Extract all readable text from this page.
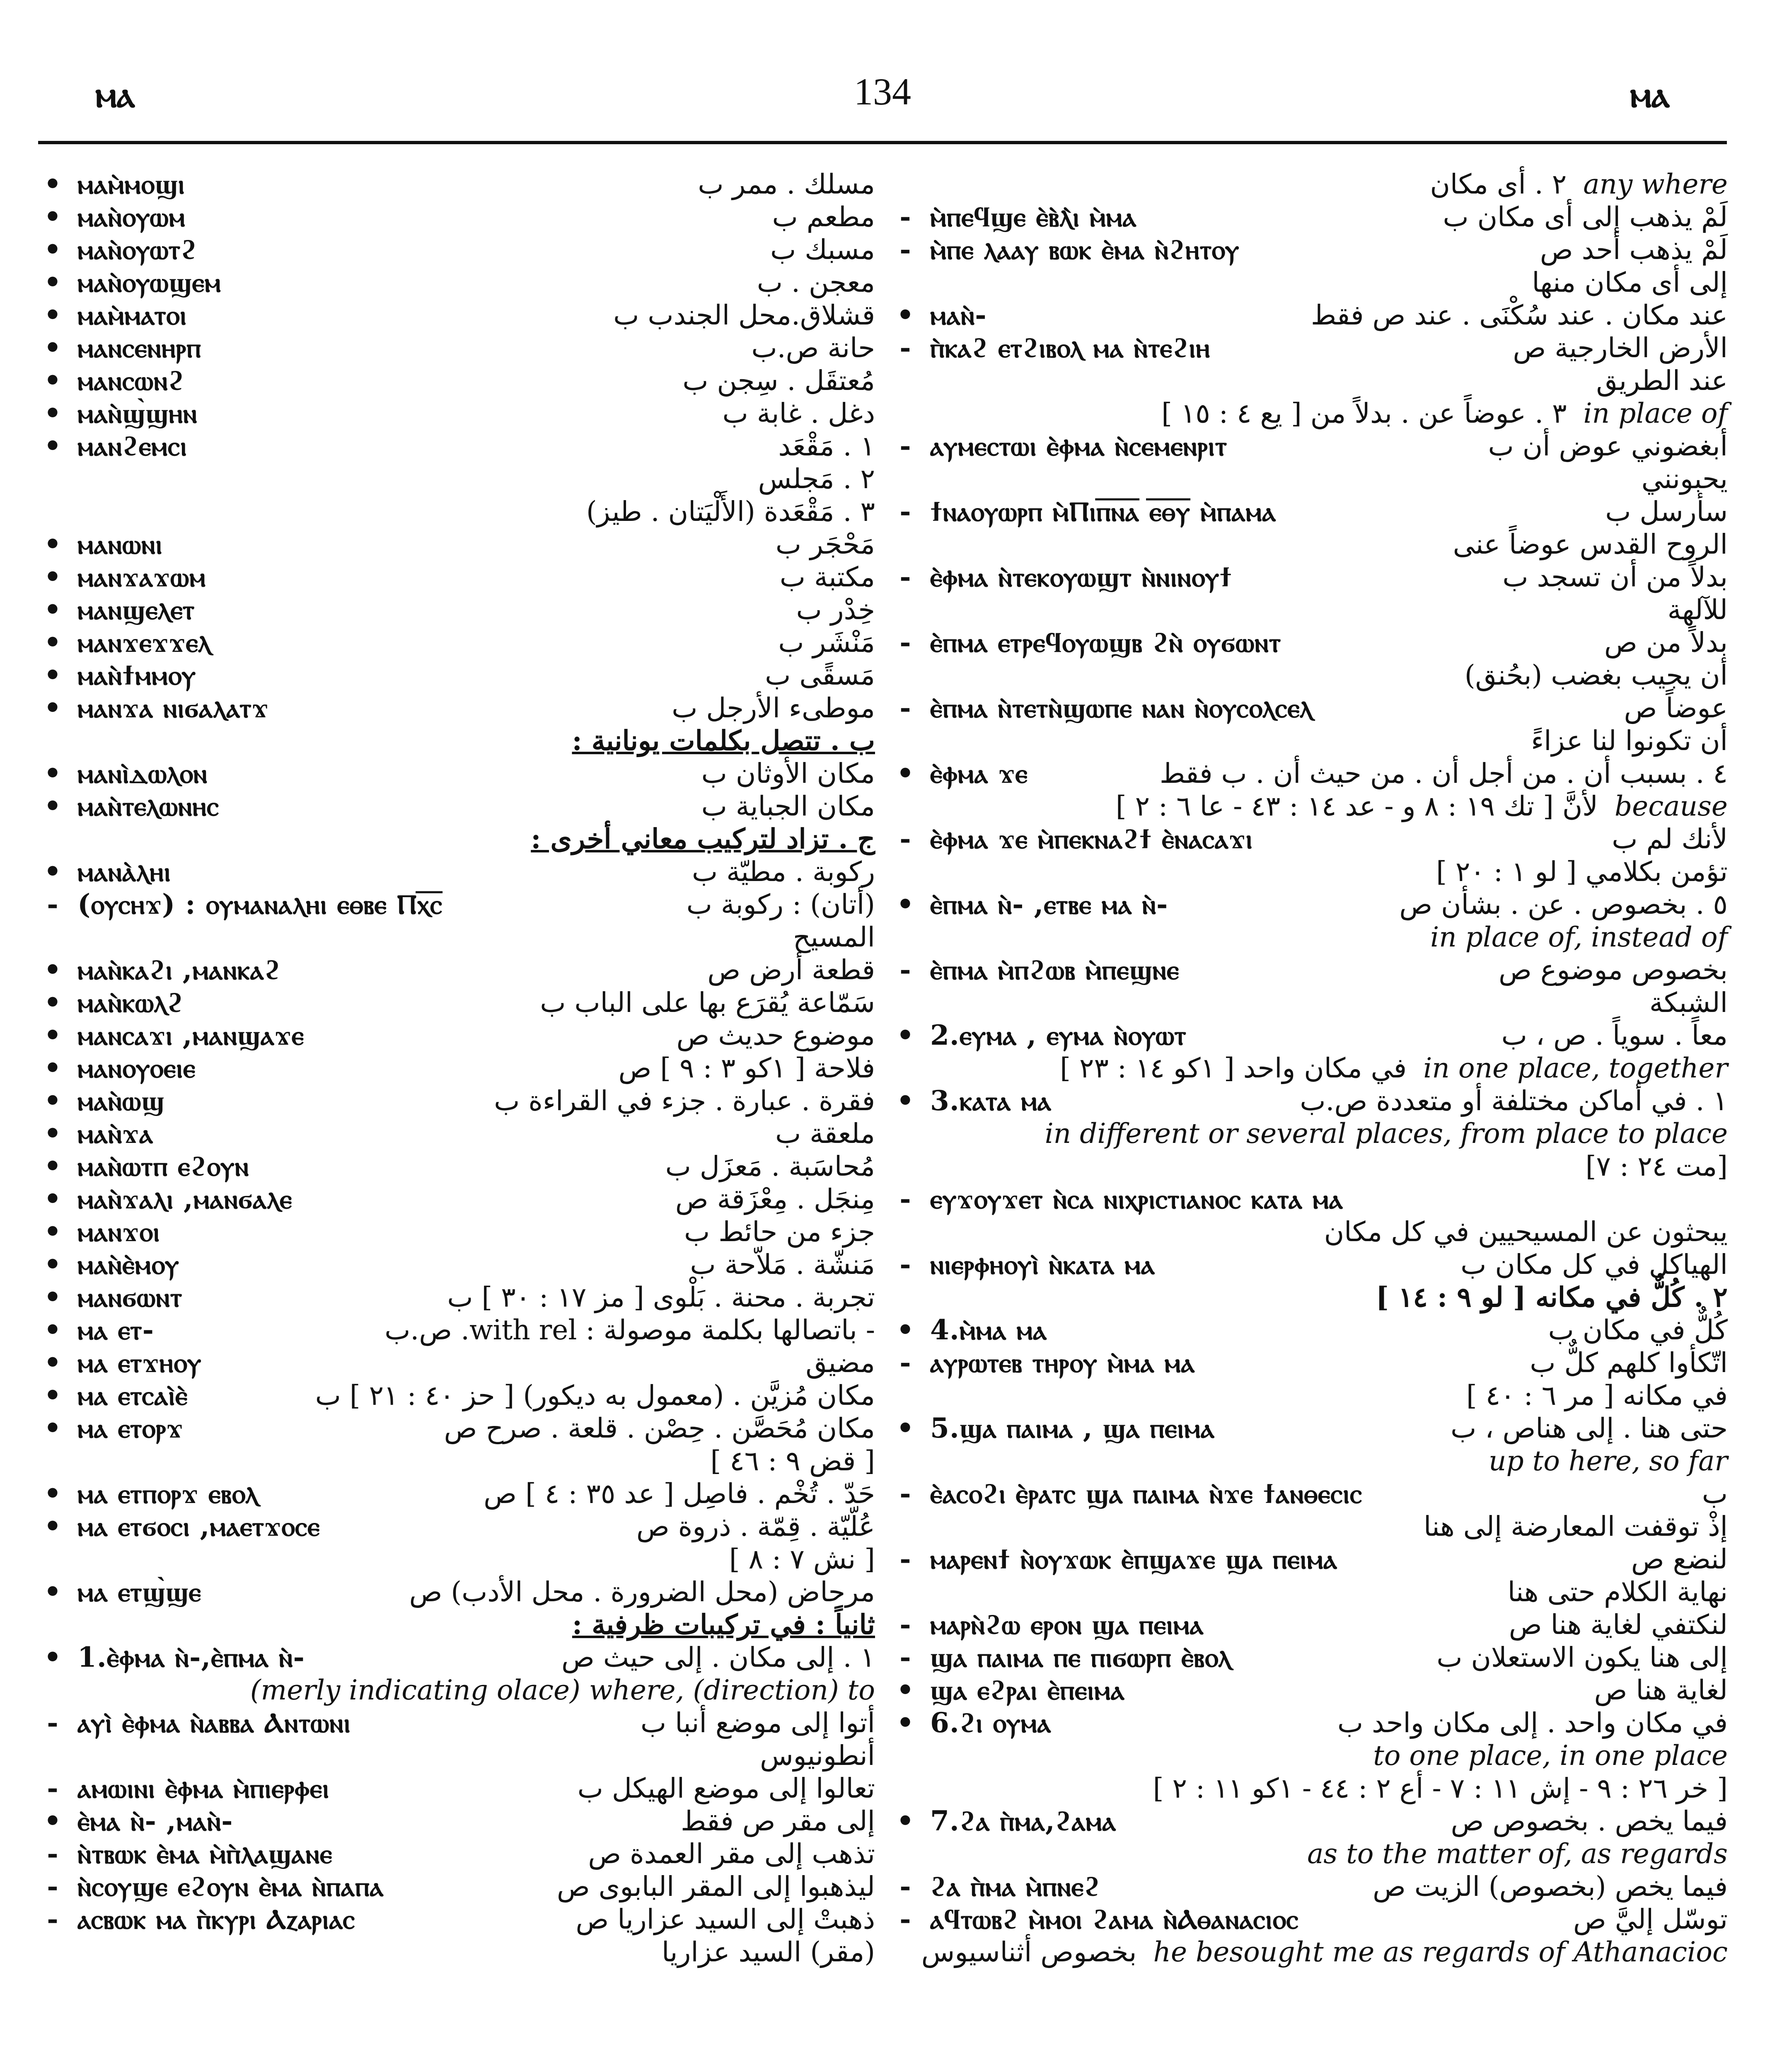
ⲙⲁ	134	ⲙⲁ
• ⲙⲁⲙ̀ⲙⲟϣⲓ	مسلك . ممر ب
• ⲙⲁⲛ̀ⲟⲩⲱⲙ	مطعم ب
• ⲙⲁⲛ̀ⲟⲩⲱⲧϩ	مسبك ب
• ⲙⲁⲛ̀ⲟⲩⲱϣⲉⲙ	معجن . ب
• ⲙⲁⲙ̀ⲙⲁⲧⲟⲓ	قشلاق.محل الجندب ب
• ⲙⲁⲛⲥⲉⲛⲏⲣⲡ	حانة ص.ب
• ⲙⲁⲛⲥⲱⲛϩ	مُعتقَل . سِجن ب
• ⲙⲁⲛ̀ϣ̀ϣⲏⲛ	دغل . غابة ب
• ⲙⲁⲛϩⲉⲙⲥⲓ	١ . مَقْعَد
٢ . مَجلس
٣ . مَقْعَدة (الأَلْيَتان . طيز)
• ⲙⲁⲛⲱⲛⲓ	مَحْجَر ب
• ⲙⲁⲛϫⲁϫⲱⲙ	مكتبة ب
• ⲙⲁⲛϣⲉⲗⲉⲧ	خِدْر ب
• ⲙⲁⲛϫⲉϫϫⲉⲗ	مَنْشَر ب
• ⲙⲁⲛ̀ϯⲙⲙⲟⲩ	مَسقًى ب
• ⲙⲁⲛϫⲁ ⲛⲓϭⲁⲗⲁⲧϫ	موطىء الأرجل ب
ب . تتصل بكلمات يونانية :
• ⲙⲁⲛⲓ̀ⲇⲱⲗⲟⲛ	مكان الأوثان ب
• ⲙⲁⲛ̀ⲧⲉⲗⲱⲛⲏⲥ	مكان الجباية ب
ج . تزاد لتركيب معاني أخرى :
• ⲙⲁⲛⲁ̀ⲗⲏⲓ	ركوبة . مطيّة ب
- (ⲟⲩⲥⲏϫ) : ⲟⲩⲙⲁⲛⲁⲗⲏⲓ ⲉⲑⲃⲉ Ⲡⲭ̅ⲥ̅	(أتان) : ركوبة ب
المسيح
• ⲙⲁⲛ̀ⲕⲁϩⲓ ,ⲙⲁⲛⲕⲁϩ	قطعة أرض ص
• ⲙⲁⲛ̀ⲕⲱⲗϩ	سَمّاعة يُقرَع بها على الباب ب
• ⲙⲁⲛⲥⲁϫⲓ ,ⲙⲁⲛϣⲁϫⲉ	موضوع حديث ص
• ⲙⲁⲛⲟⲩⲟⲉⲓⲉ	فلاحة [ ١كو ٣ : ٩ ] ص
• ⲙⲁⲛ̀ⲱϣ	فقرة . عبارة . جزء في القراءة ب
• ⲙⲁⲛ̀ϫⲁ	ملعقة ب
• ⲙⲁⲛ̀ⲱⲧⲡ ⲉϩⲟⲩⲛ	مُحاسَبة . مَعزَل ب
• ⲙⲁⲛ̀ϫⲁⲗⲓ ,ⲙⲁⲛϭⲁⲗⲉ	مِنجَل . مِعْزَقة ص
• ⲙⲁⲛϫⲟⲓ	جزء من حائط ب
• ⲙⲁⲛ̀ⲉ̀ⲙⲟⲩ	مَنشّة . مَلاّحة ب
• ⲙⲁⲛϭⲱⲛⲧ	تجربة . محنة . بَلْوى [ مز ١٧ : ٣٠ ] ب
• ⲙⲁ ⲉⲧ-	- باتصالها بكلمة موصولة : with rel. ص.ب
• ⲙⲁ ⲉⲧϫⲏⲟⲩ	مضيق
• ⲙⲁ ⲉⲧⲥⲁⲓ̀ⲉ̀	مكان مُزيَّن . (معمول به ديكور) [ حز ٤٠ : ٢١ ] ب
• ⲙⲁ ⲉⲧⲟⲣϫ	مكان مُحَصَّن . حِصْن . قلعة . صرح ص
[ قض ٩ : ٤٦ ]
• ⲙⲁ ⲉⲧⲡⲟⲣϫ ⲉⲃⲟⲗ	حَدّ . تُخْم . فاصِل [ عد ٣٥ : ٤ ] ص
• ⲙⲁ ⲉⲧϭⲟⲥⲓ ,ⲙⲁⲉⲧϫⲟⲥⲉ	عُلّيّة . قِمّة . ذروة ص
[ نش ٧ : ٨ ]
• ⲙⲁ ⲉⲧϣ̀ϣⲉ	مرحاض (محل الضرورة . محل الأدب) ص
ثانياً : في تركيبات ظرفية :
• 1.ⲉ̀ⲫⲙⲁ ⲛ̀-,ⲉ̀ⲡⲙⲁ ⲛ̀-	١ . إلى مكان . إلى حيث ص
(merly indicating olace) where, (direction) to
- ⲁⲩⲓ̀ ⲉ̀ⲫⲙⲁ ⲛ̀ⲁⲃⲃⲁ Ⲁⲛⲧⲱⲛⲓ	أتوا إلى موضع أنبا ب
أنطونيوس
- ⲁⲙⲱⲓⲛⲓ ⲉ̀ⲫⲙⲁ ⲙ̀ⲡⲓⲉⲣⲫⲉⲓ	تعالوا إلى موضع الهيكل ب
• ⲉ̀ⲙⲁ ⲛ̀- ,ⲙⲁⲛ̀-	إلى مقر ص فقط
- ⲛ̀ⲧⲃⲱⲕ ⲉ̀ⲙⲁ ⲙ̀ⲡ̀ⲗⲁϣⲁⲛⲉ	تذهب إلى مقر العمدة ص
- ⲛ̀ⲥⲟⲩϣⲉ ⲉϩⲟⲩⲛ ⲉ̀ⲙⲁ ⲛ̀ⲡⲁⲡⲁ	ليذهبوا إلى المقر البابوى ص
- ⲁⲥⲃⲱⲕ ⲙⲁ ⲡ̀ⲕⲩⲣⲓ Ⲁⲍⲁⲣⲓⲁⲥ	ذهبتْ إلى السيد عزاريا ص
(مقر) السيد عزاريا
٢ . أى مكان any where
- ⲙ̀ⲡⲉϥϣⲉ ⲉ̀ⲃ̀ⲗ̀ⲓ ⲙ̀ⲙⲁ	لَمْ يذهب إلى أى مكان ب
- ⲙ̀ⲡⲉ ⲗⲁⲁⲩ ⲃⲱⲕ ⲉ̀ⲙⲁ ⲛ̀ϩⲏⲧⲟⲩ	لَمْ يذهب أحد ص
إلى أى مكان منها
• ⲙⲁⲛ̀-	عند مكان . عند سُكْنَى . عند ص فقط
- ⲡ̀ⲕⲁϩ ⲉⲧϩⲓⲃⲟⲗ ⲙⲁ ⲛ̀ⲧⲉϩⲓⲏ	الأرض الخارجية ص
عند الطريق
٣ . عوضاً عن . بدلاً من [ يع ٤ : ١٥ ] in place of
- ⲁⲩⲙⲉⲥⲧⲱⲓ ⲉ̀ⲫⲙⲁ ⲛ̀ⲥⲉⲙⲉⲛⲣⲓⲧ	أبغضوني عوض أن ب
يحبونني
- ϯⲛⲁⲟⲩⲱⲣⲡ ⲙ̀Ⲡⲓⲡ̅ⲛ̅ⲁ̅ ⲉ̅ⲑ̅ⲩ̅ ⲙ̀ⲡⲁⲙⲁ	سأرسل ب
الروح القدس عوضاً عنى
- ⲉ̀ⲫⲙⲁ ⲛ̀ⲧⲉⲕⲟⲩⲱϣⲧ ⲛ̀ⲛⲓⲛⲟⲩϯ	بدلاً من أن تسجد ب
للآلهة
- ⲉ̀ⲡⲙⲁ ⲉⲧⲣⲉϥⲟⲩⲱϣⲃ ϩⲛ̀ ⲟⲩϭⲱⲛⲧ	بدلاً من ص
أن يجيب بغضب (بحُنق)
- ⲉ̀ⲡⲙⲁ ⲛ̀ⲧⲉⲧⲛ̀ϣⲱⲡⲉ ⲛⲁⲛ ⲛ̀ⲟⲩⲥⲟⲗⲥⲉⲗ	عوضاً ص
أن تكونوا لنا عزاءً
• ⲉ̀ⲫⲙⲁ ϫⲉ	٤ . بسبب أن . من أجل أن . من حيث أن . ب فقط
لأنَّ [ تك ١٩ : ٨ و - عد ١٤ : ٤٣ - عا ٦ : ٢ ] because
- ⲉ̀ⲫⲙⲁ ϫⲉ ⲙ̀ⲡⲉⲕⲛⲁϩϯ ⲉ̀ⲛⲁⲥⲁϫⲓ	لأنك لم ب
تؤمن بكلامي [ لو ١ : ٢٠ ]
• ⲉ̀ⲡⲙⲁ ⲛ̀- ,ⲉⲧⲃⲉ ⲙⲁ ⲛ̀-	٥ . بخصوص . عن . بشأن ص
in place of, instead of
- ⲉ̀ⲡⲙⲁ ⲙ̀ⲡϩⲱⲃ ⲙ̀ⲡⲉϣⲛⲉ	بخصوص موضوع ص
الشبكة
• 2.ⲉⲩⲙⲁ , ⲉⲩⲙⲁ ⲛ̀ⲟⲩⲱⲧ	معاً . سوياً . ص ، ب
في مكان واحد [ ١كو ١٤ : ٢٣ ] in one place, together
• 3.ⲕⲁⲧⲁ ⲙⲁ	١ . في أماكن مختلفة أو متعددة ص.ب
in different or several places, from place to place
[مت ٢٤ : ٧]
- ⲉⲩϫⲟⲩϫⲉⲧ ⲛ̀ⲥⲁ ⲛⲓⲭⲣⲓⲥⲧⲓⲁⲛⲟⲥ ⲕⲁⲧⲁ ⲙⲁ
يبحثون عن المسيحيين في كل مكان
- ⲛⲓⲉⲣⲫⲏⲟⲩⲓ̀ ⲛ̀ⲕⲁⲧⲁ ⲙⲁ	الهياكل في كل مكان ب
٢ . كُلٌّ في مكانه [ لو ٩ : ١٤ ]
• 4.ⲙ̀ⲙⲁ ⲙⲁ	كُلٌّ في مكان ب
- ⲁⲩⲣⲱⲧⲉⲃ ⲧⲏⲣⲟⲩ ⲙ̀ⲙⲁ ⲙⲁ	اتّكأوا كلهم كلٌّ ب
في مكانه [ مر ٦ : ٤٠ ]
• 5.ϣⲁ ⲡⲁⲓⲙⲁ , ϣⲁ ⲡⲉⲓⲙⲁ	حتى هنا . إلى هناص ، ب
up to here, so far
- ⲉ̀ⲁⲥⲟϩⲓ ⲉ̀ⲣⲁⲧⲥ ϣⲁ ⲡⲁⲓⲙⲁ ⲛ̀ϫⲉ ϯⲁⲛⲑⲉⲥⲓⲥ	ب
إذْ توقفت المعارضة إلى هنا
- ⲙⲁⲣⲉⲛϯ ⲛ̀ⲟⲩϫⲱⲕ ⲉ̀ⲡϣⲁϫⲉ ϣⲁ ⲡⲉⲓⲙⲁ	لنضع ص
نهاية الكلام حتى هنا
- ⲙⲁⲣⲛ̀ϩⲱ ⲉⲣⲟⲛ ϣⲁ ⲡⲉⲓⲙⲁ	لنكتفي لغاية هنا ص
- ϣⲁ ⲡⲁⲓⲙⲁ ⲡⲉ ⲡⲓϭⲱⲣⲡ ⲉ̀ⲃⲟⲗ	إلى هنا يكون الاستعلان ب
• ϣⲁ ⲉϩⲣⲁⲓ ⲉ̀ⲡⲉⲓⲙⲁ	لغاية هنا ص
• 6.ϩⲓ ⲟⲩⲙⲁ	في مكان واحد . إلى مكان واحد ب
to one place, in one place
[ خر ٢٦ : ٩ - إش ١١ : ٧ - أع ٢ : ٤٤ - ١كو ١١ : ٢ ]
• 7.ϩⲁ ⲡ̀ⲙⲁ,ϩⲁⲙⲁ	فيما يخص . بخصوص ص
as to the matter of, as regards
- ϩⲁ ⲡ̀ⲙⲁ ⲙ̀ⲡⲛⲉϩ	فيما يخص (بخصوص) الزيت ص
- ⲁϥⲧⲱⲃϩ ⲙ̀ⲙⲟⲓ ϩⲁⲙⲁ ⲛ̀Ⲁⲑⲁⲛⲁⲥⲓⲟⲥ	توسّل إليَّ ص
بخصوص أثناسيوس he besought me as regards of Athanacioc
